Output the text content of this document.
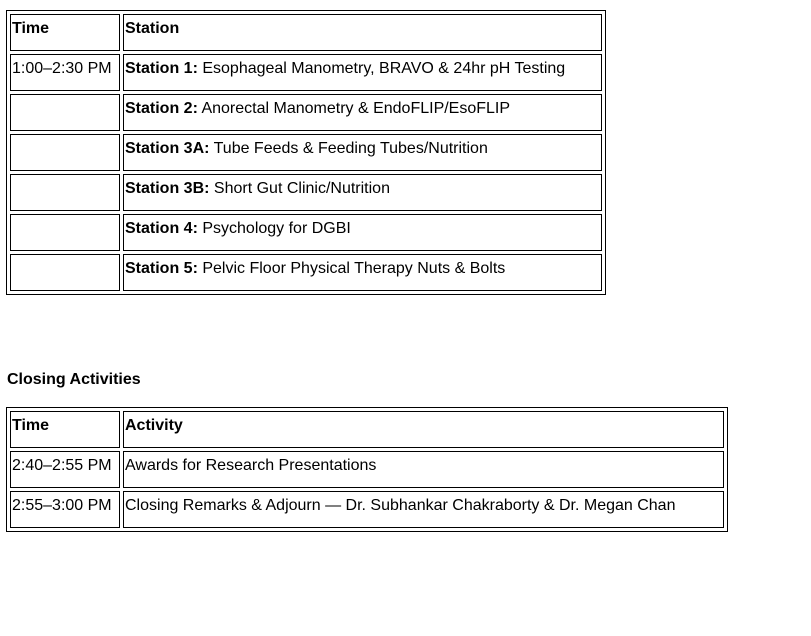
Time	Station
1:00–2:30 PM	Station 1: Esophageal Manometry, BRAVO & 24hr pH Testing
	Station 2: Anorectal Manometry & EndoFLIP/EsoFLIP
	Station 3A: Tube Feeds & Feeding Tubes/Nutrition
	Station 3B: Short Gut Clinic/Nutrition
	Station 4: Psychology for DGBI
	Station 5: Pelvic Floor Physical Therapy Nuts & Bolts
Closing Activities
Time	Activity
2:40–2:55 PM	Awards for Research Presentations
2:55–3:00 PM	Closing Remarks & Adjourn — Dr. Subhankar Chakraborty & Dr. Megan Chan
